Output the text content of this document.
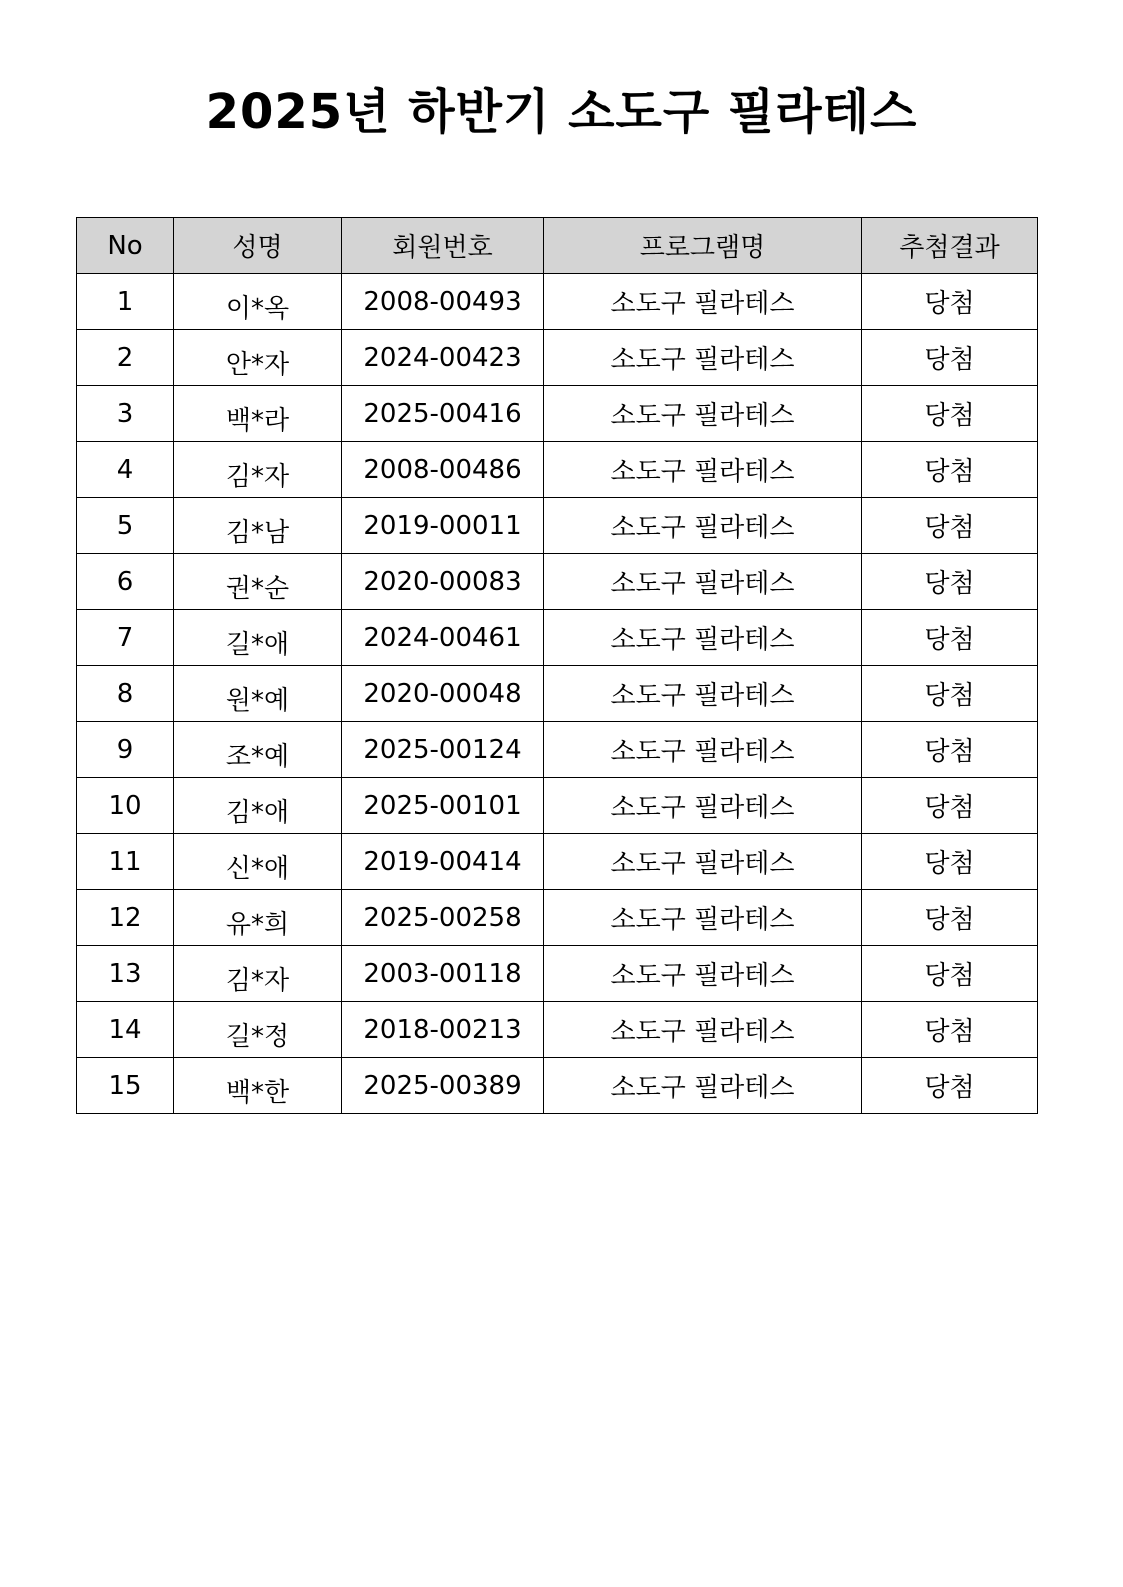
2025년 하반기 소도구 필라테스
No	성명	회원번호	프로그램명	추첨결과
1	이*옥	2008-00493	소도구 필라테스	당첨
2	안*자	2024-00423	소도구 필라테스	당첨
3	백*라	2025-00416	소도구 필라테스	당첨
4	김*자	2008-00486	소도구 필라테스	당첨
5	김*남	2019-00011	소도구 필라테스	당첨
6	권*순	2020-00083	소도구 필라테스	당첨
7	길*애	2024-00461	소도구 필라테스	당첨
8	원*예	2020-00048	소도구 필라테스	당첨
9	조*예	2025-00124	소도구 필라테스	당첨
10	김*애	2025-00101	소도구 필라테스	당첨
11	신*애	2019-00414	소도구 필라테스	당첨
12	유*희	2025-00258	소도구 필라테스	당첨
13	김*자	2003-00118	소도구 필라테스	당첨
14	길*정	2018-00213	소도구 필라테스	당첨
15	백*한	2025-00389	소도구 필라테스	당첨
